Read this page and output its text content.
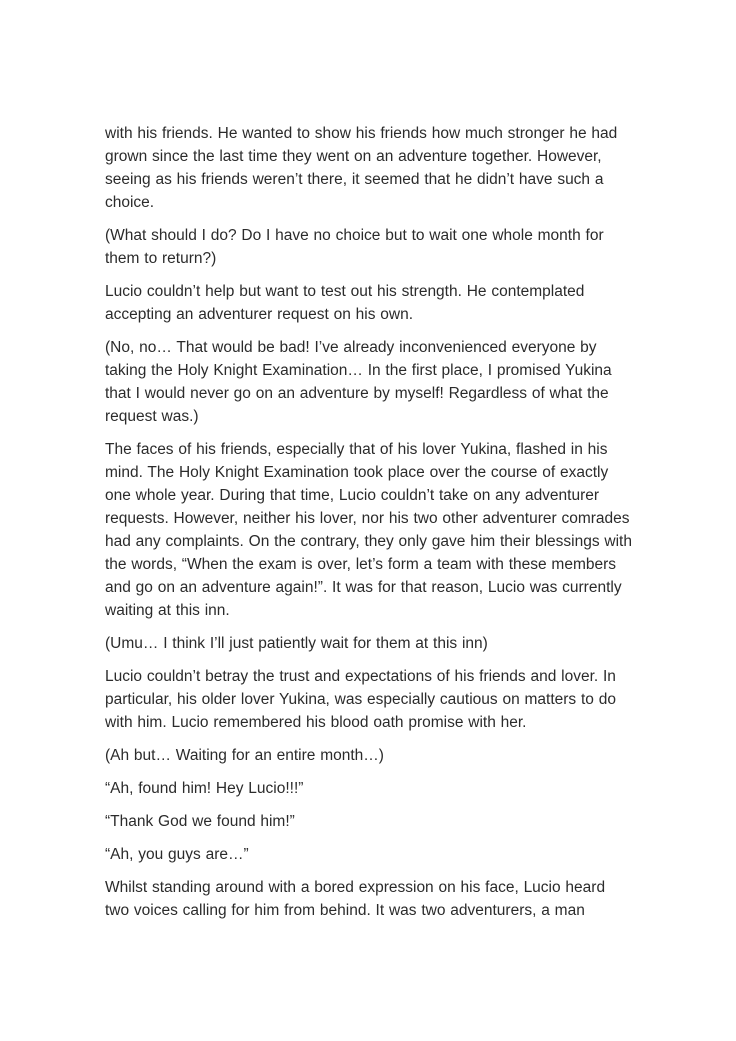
with his friends. He wanted to show his friends how much stronger he had grown since the last time they went on an adventure together. However, seeing as his friends weren’t there, it seemed that he didn’t have such a choice.

(What should I do? Do I have no choice but to wait one whole month for them to return?)

Lucio couldn’t help but want to test out his strength. He contemplated accepting an adventurer request on his own.

(No, no… That would be bad! I’ve already inconvenienced everyone by taking the Holy Knight Examination… In the first place, I promised Yukina that I would never go on an adventure by myself! Regardless of what the request was.)

The faces of his friends, especially that of his lover Yukina, flashed in his mind. The Holy Knight Examination took place over the course of exactly one whole year. During that time, Lucio couldn’t take on any adventurer requests. However, neither his lover, nor his two other adventurer comrades had any complaints. On the contrary, they only gave him their blessings with the words, “When the exam is over, let’s form a team with these members and go on an adventure again!”. It was for that reason, Lucio was currently waiting at this inn.

(Umu… I think I’ll just patiently wait for them at this inn)

Lucio couldn’t betray the trust and expectations of his friends and lover. In particular, his older lover Yukina, was especially cautious on matters to do with him. Lucio remembered his blood oath promise with her.

(Ah but… Waiting for an entire month…)

“Ah, found him! Hey Lucio!!!”

“Thank God we found him!”

“Ah, you guys are…”

Whilst standing around with a bored expression on his face, Lucio heard two voices calling for him from behind. It was two adventurers, a man
